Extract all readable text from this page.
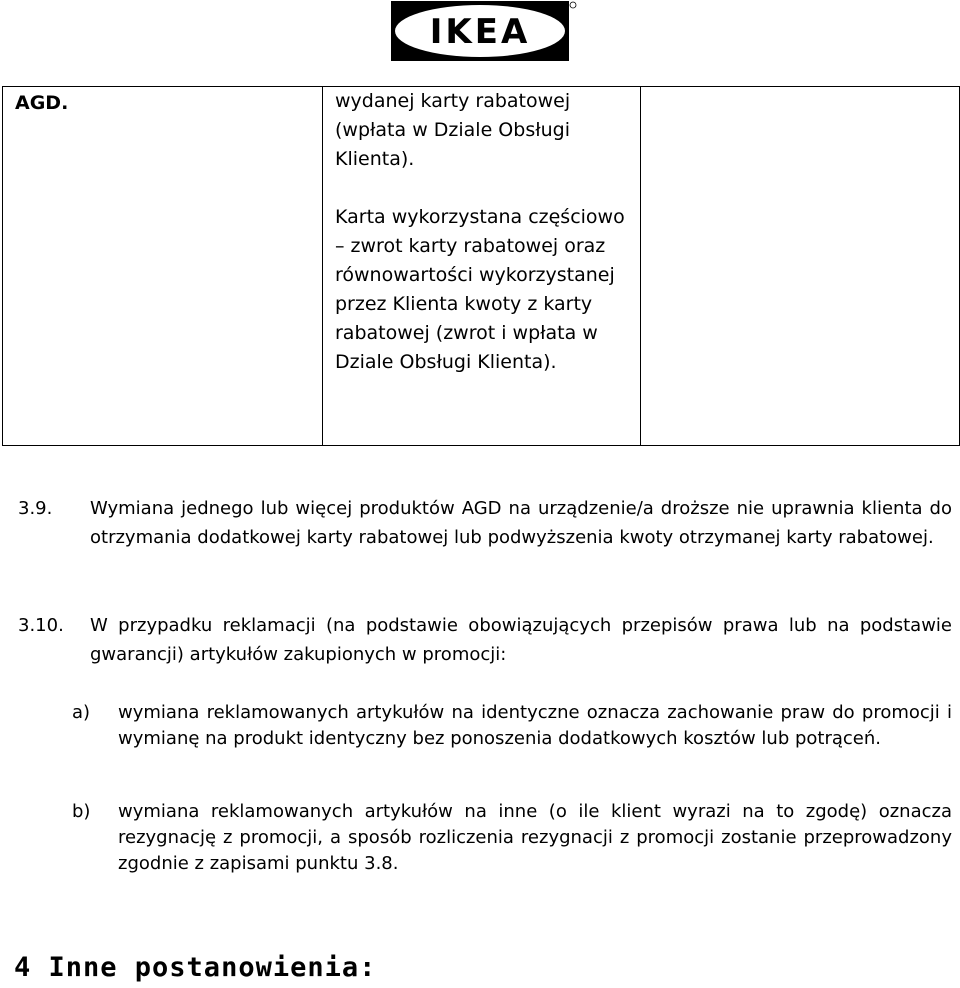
IKEA
AGD.	wydanej karty rabatowej (wpłata w Dziale Obsługi Klienta).

Karta wykorzystana częściowo – zwrot karty rabatowej oraz równowartości wykorzystanej przez Klienta kwoty z karty rabatowej (zwrot i wpłata w Dziale Obsługi Klienta).

3.9. Wymiana jednego lub więcej produktów AGD na urządzenie/a droższe nie uprawnia klienta do otrzymania dodatkowej karty rabatowej lub podwyższenia kwoty otrzymanej karty rabatowej.
3.10. W przypadku reklamacji (na podstawie obowiązujących przepisów prawa lub na podstawie gwarancji) artykułów zakupionych w promocji:
a) wymiana reklamowanych artykułów na identyczne oznacza zachowanie praw do promocji i wymianę na produkt identyczny bez ponoszenia dodatkowych kosztów lub potrąceń.
b) wymiana reklamowanych artykułów na inne (o ile klient wyrazi na to zgodę) oznacza rezygnację z promocji, a sposób rozliczenia rezygnacji z promocji zostanie przeprowadzony zgodnie z zapisami punktu 3.8.
4 Inne postanowienia:
